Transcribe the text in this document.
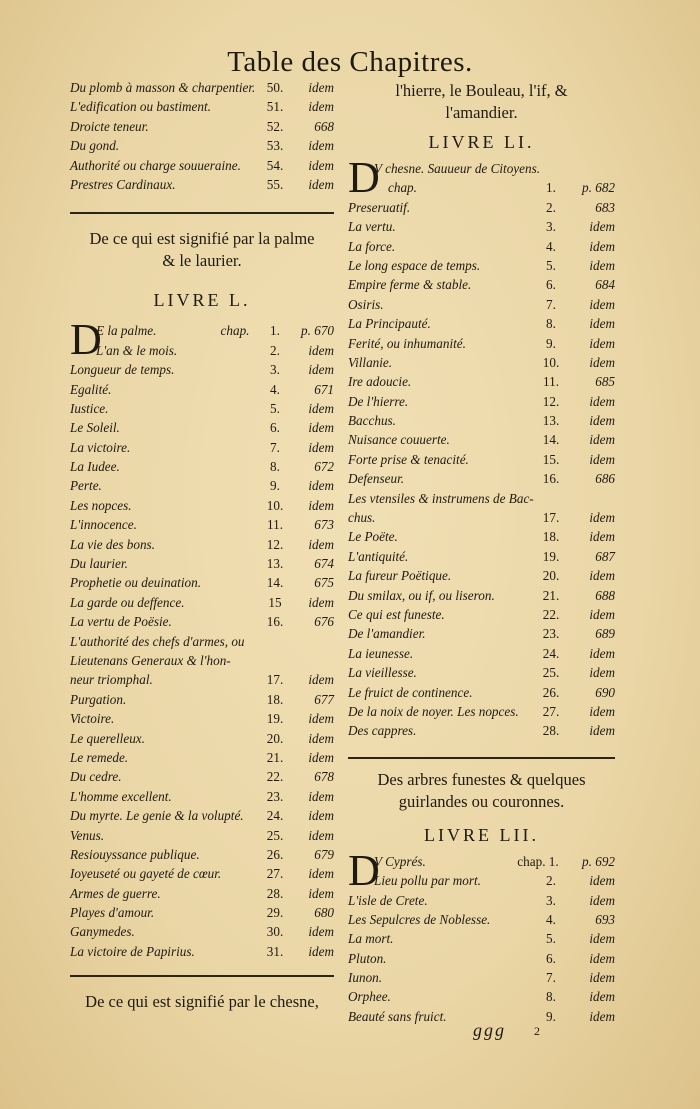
Table des Chapitres.
Du plomb à masson & charpentier. 50.	idem
L'edification ou bastiment.	51.	idem
Droicte teneur.	52.	668
Du gond.	53.	idem
Authorité ou charge souueraine.	54.	idem
Prestres Cardinaux.	55.	idem
De ce qui est signifié par la palme
& le laurier.
LIVRE L.
D
E la palme.	chap.	1.	p. 670
L'an & le mois.	2.	idem
Longueur de temps.	3.	idem
Egalité.	4.	671
Iustice.	5.	idem
Le Soleil.	6.	idem
La victoire.	7.	idem
La Iudee.	8.	672
Perte.	9.	idem
Les nopces.	10.	idem
L'innocence.	11.	673
La vie des bons.	12.	idem
Du laurier.	13.	674
Prophetie ou deuination.	14.	675
La garde ou deffence.	15	idem
La vertu de Poësie.	16.	676
L'authorité des chefs d'armes, ou
Lieutenans Generaux & l'hon-
neur triomphal.	17.	idem
Purgation.	18.	677
Victoire.	19.	idem
Le querelleux.	20.	idem
Le remede.	21.	idem
Du cedre.	22.	678
L'homme excellent.	23.	idem
Du myrte. Le genie & la volupté.	24.	idem
Venus.	25.	idem
Resiouyssance publique.	26.	679
Ioyeuseté ou gayeté de cœur.	27.	idem
Armes de guerre.	28.	idem
Playes d'amour.	29.	680
Ganymedes.	30.	idem
La victoire de Papirius.	31.	idem
De ce qui est signifié par le chesne,
l'hierre, le Bouleau, l'if, &
l'amandier.
LIVRE LI.
D
V chesne. Sauueur de Citoyens.
chap.	1.	p. 682
Preseruatif.	2.	683
La vertu.	3.	idem
La force.	4.	idem
Le long espace de temps.	5.	idem
Empire ferme & stable.	6.	684
Osiris.	7.	idem
La Principauté.	8.	idem
Ferité, ou inhumanité.	9.	idem
Villanie.	10.	idem
Ire adoucie.	11.	685
De l'hierre.	12.	idem
Bacchus.	13.	idem
Nuisance couuerte.	14.	idem
Forte prise & tenacité.	15.	idem
Defenseur.	16.	686
Les vtensiles & instrumens de Bac-
chus.	17.	idem
Le Poëte.	18.	idem
L'antiquité.	19.	687
La fureur Poëtique.	20.	idem
Du smilax, ou if, ou liseron.	21.	688
Ce qui est funeste.	22.	idem
De l'amandier.	23.	689
La ieunesse.	24.	idem
La vieillesse.	25.	idem
Le fruict de continence.	26.	690
De la noix de noyer. Les nopces.	27.	idem
Des cappres.	28.	idem
Des arbres funestes & quelques
guirlandes ou couronnes.
LIVRE LII.
D
V Cyprés.	chap. 1.	p. 692
Lieu pollu par mort.	2.	idem
L'isle de Crete.	3.	idem
Les Sepulcres de Noblesse.	4.	693
La mort.	5.	idem
Pluton.	6.	idem
Iunon.	7.	idem
Orphee.	8.	idem
Beauté sans fruict.	9.	idem
ggg 2
